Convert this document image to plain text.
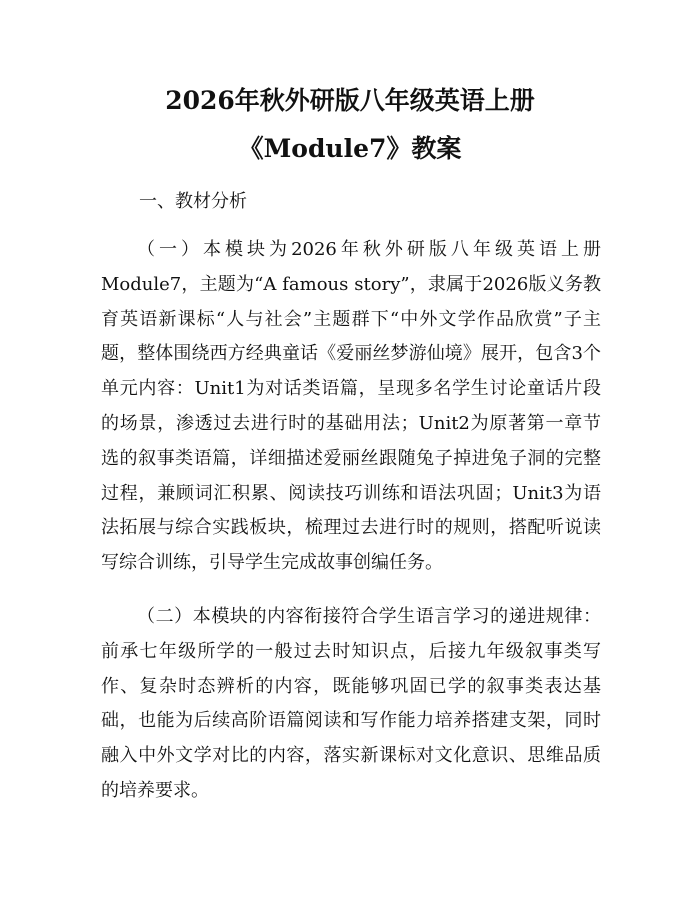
2026年秋外研版八年级英语上册
《Module7》教案
一、教材分析

（一）本模块为2026年秋外研版八年级英语上册Module7，主题为“A famous story”，隶属于2026版义务教育英语新课标“人与社会”主题群下“中外文学作品欣赏”子主题，整体围绕西方经典童话《爱丽丝梦游仙境》展开，包含3个单元内容：Unit1为对话类语篇，呈现多名学生讨论童话片段的场景，渗透过去进行时的基础用法；Unit2为原著第一章节选的叙事类语篇，详细描述爱丽丝跟随兔子掉进兔子洞的完整过程，兼顾词汇积累、阅读技巧训练和语法巩固；Unit3为语法拓展与综合实践板块，梳理过去进行时的规则，搭配听说读写综合训练，引导学生完成故事创编任务。

（二）本模块的内容衔接符合学生语言学习的递进规律：前承七年级所学的一般过去时知识点，后接九年级叙事类写作、复杂时态辨析的内容，既能够巩固已学的叙事类表达基础，也能为后续高阶语篇阅读和写作能力培养搭建支架，同时融入中外文学对比的内容，落实新课标对文化意识、思维品质的培养要求。
